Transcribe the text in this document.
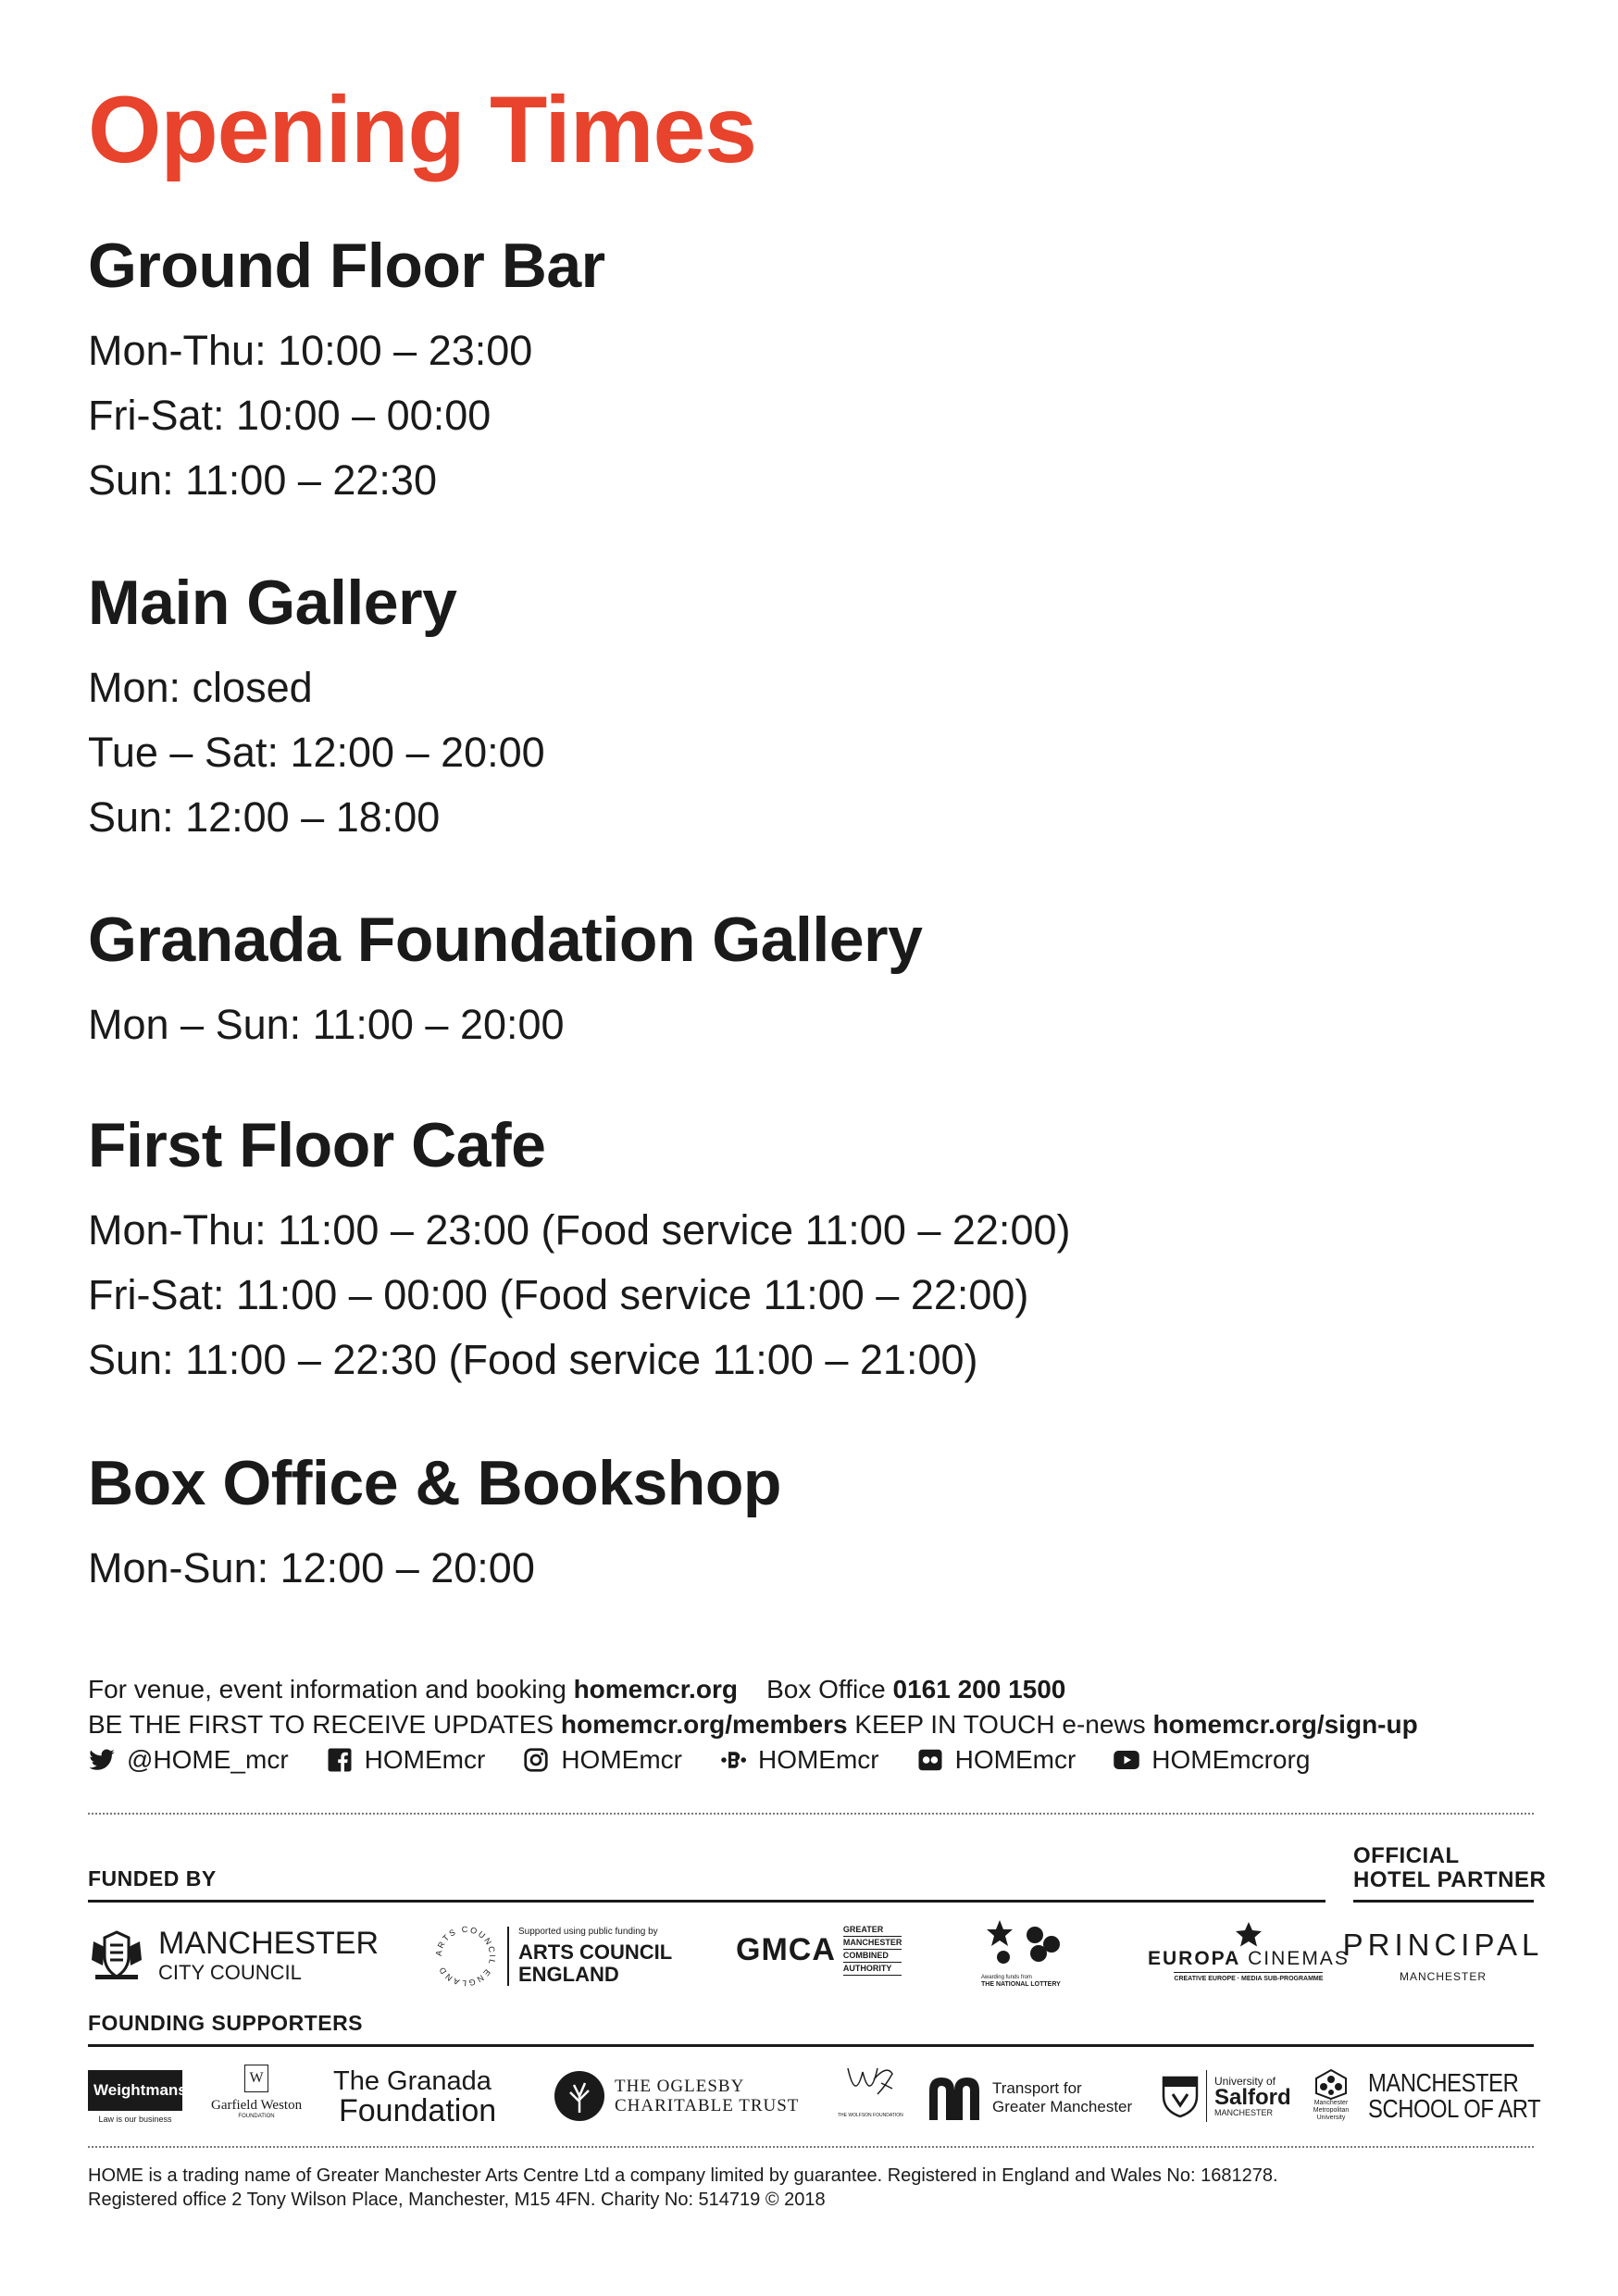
Opening Times
Ground Floor Bar
Mon-Thu: 10:00 – 23:00
Fri-Sat: 10:00 – 00:00
Sun: 11:00 – 22:30
Main Gallery
Mon: closed
Tue – Sat: 12:00 – 20:00
Sun: 12:00 – 18:00
Granada Foundation Gallery
Mon – Sun: 11:00 – 20:00
First Floor Cafe
Mon-Thu: 11:00 – 23:00 (Food service 11:00 – 22:00)
Fri-Sat: 11:00 – 00:00 (Food service 11:00 – 22:00)
Sun: 11:00 – 22:30 (Food service 11:00 – 21:00)
Box Office & Bookshop
Mon-Sun: 12:00 – 20:00
For venue, event information and booking homemcr.org Box Office 0161 200 1500
BE THE FIRST TO RECEIVE UPDATES homemcr.org/members KEEP IN TOUCH e-news homemcr.org/sign-up
@HOME_mcr	HOMEmcr	HOMEmcr	HOMEmcr	HOMEmcr	HOMEmcrorg
FUNDED BY
OFFICIAL
HOTEL PARTNER
MANCHESTER
CITY COUNCIL
ARTS COUNCIL ENGLAND
Supported using public funding by
ARTS COUNCIL
ENGLAND
GMCA
GREATER
MANCHESTER
COMBINED
AUTHORITY
Awarding funds from
THE NATIONAL LOTTERY
EUROPA CINEMAS
CREATIVE EUROPE · MEDIA SUB-PROGRAMME
PRINCIPAL
MANCHESTER
FOUNDING SUPPORTERS
Weightmans
Law is our business
W
Garfield Weston
FOUNDATION
The Granada
Foundation
THE OGLESBY
CHARITABLE TRUST	THE WOLFSON FOUNDATION
Transport for
Greater Manchester
University of
Salford
MANCHESTER
Manchester
Metropolitan
University
MANCHESTER
SCHOOL OF ART
HOME is a trading name of Greater Manchester Arts Centre Ltd a company limited by guarantee. Registered in England and Wales No: 1681278.
Registered office 2 Tony Wilson Place, Manchester, M15 4FN. Charity No: 514719 © 2018
